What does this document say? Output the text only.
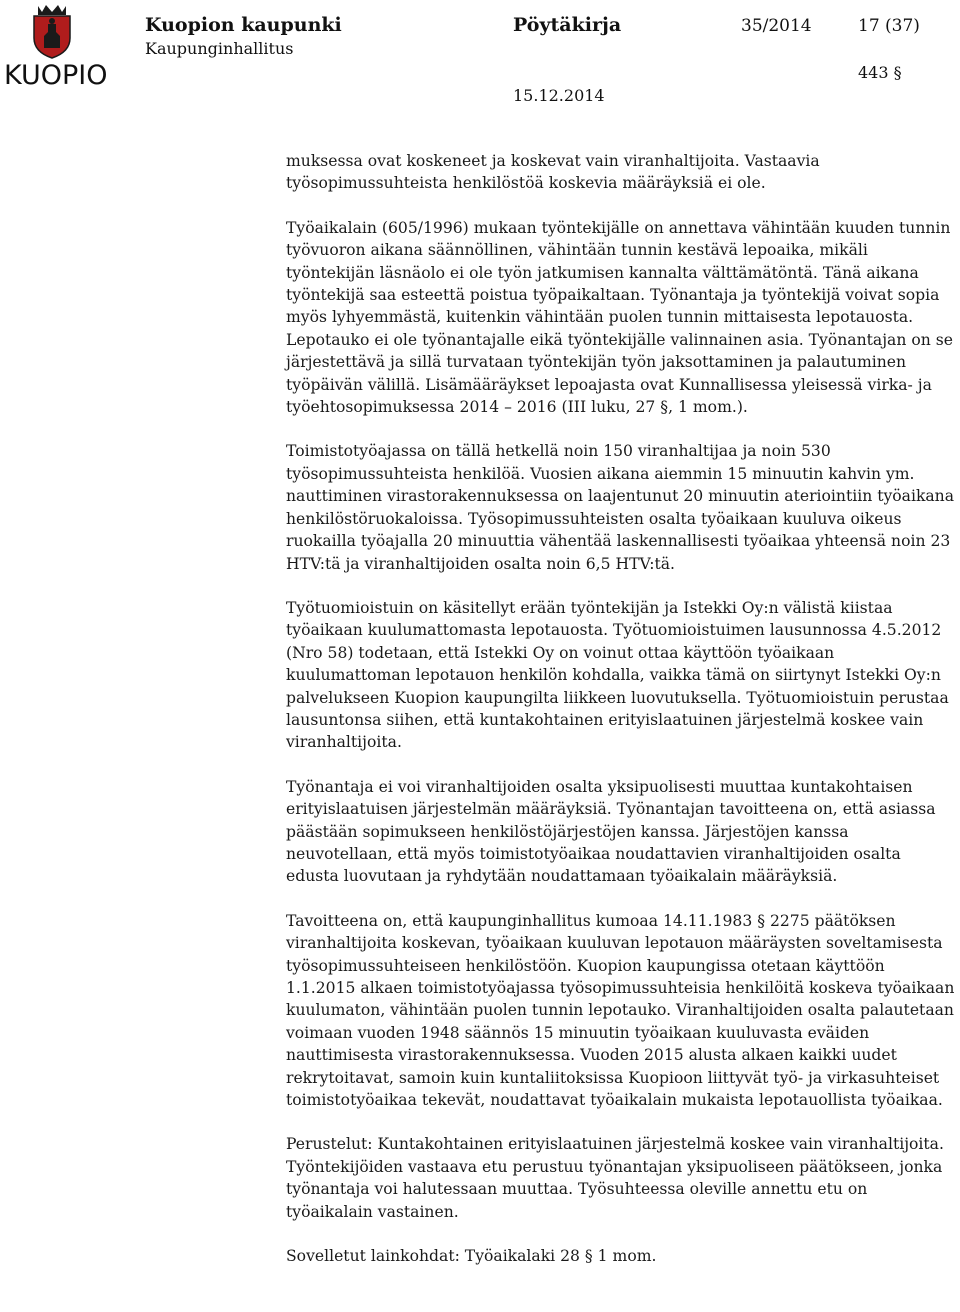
KUOPIO
Kuopion kaupunki
Kaupunginhallitus
Pöytäkirja	35/2014	17 (37)
443 §
15.12.2014

muksessa ovat koskeneet ja koskevat vain viranhaltijoita. Vastaavia työsopimussuhteista henkilöstöä koskevia määräyksiä ei ole.

Työaikalain (605/1996) mukaan työntekijälle on annettava vähintään kuuden tunnin työvuoron aikana säännöllinen, vähintään tunnin kestävä lepoaika, mikäli työntekijän läsnäolo ei ole työn jatkumisen kannalta välttämätöntä. Tänä aikana työntekijä saa esteettä poistua työpaikaltaan. Työnantaja ja työntekijä voivat sopia myös lyhyemmästä, kuitenkin vähintään puolen tunnin mittaisesta lepotauosta. Lepotauko ei ole työnantajalle eikä työntekijälle valinnainen asia. Työnantajan on se järjestettävä ja sillä turvataan työntekijän työn jaksottaminen ja palautuminen työpäivän välillä. Lisämääräykset lepoajasta ovat Kunnallisessa yleisessä virka- ja työehtosopimuksessa 2014 – 2016 (III luku, 27 §, 1 mom.).

Toimistotyöajassa on tällä hetkellä noin 150 viranhaltijaa ja noin 530 työsopimussuhteista henkilöä. Vuosien aikana aiemmin 15 minuutin kahvin ym. nauttiminen virastorakennuksessa on laajentunut 20 minuutin ateriointiin työaikana henkilöstöruokaloissa. Työsopimussuhteisten osalta työaikaan kuuluva oikeus ruokailla työajalla 20 minuuttia vähentää laskennallisesti työaikaa yhteensä noin 23 HTV:tä ja viranhaltijoiden osalta noin 6,5 HTV:tä.

Työtuomioistuin on käsitellyt erään työntekijän ja Istekki Oy:n välistä kiistaa työaikaan kuulumattomasta lepotauosta. Työtuomioistuimen lausunnossa 4.5.2012 (Nro 58) todetaan, että Istekki Oy on voinut ottaa käyttöön työaikaan kuulumattoman lepotauon henkilön kohdalla, vaikka tämä on siirtynyt Istekki Oy:n palvelukseen Kuopion kaupungilta liikkeen luovutuksella. Työtuomioistuin perustaa lausuntonsa siihen, että kuntakohtainen erityislaatuinen järjestelmä koskee vain viranhaltijoita.

Työnantaja ei voi viranhaltijoiden osalta yksipuolisesti muuttaa kuntakohtaisen erityislaatuisen järjestelmän määräyksiä. Työnantajan tavoitteena on, että asiassa päästään sopimukseen henkilöstöjärjestöjen kanssa. Järjestöjen kanssa neuvotellaan, että myös toimistotyöaikaa noudattavien viranhaltijoiden osalta edusta luovutaan ja ryhdytään noudattamaan työaikalain määräyksiä.

Tavoitteena on, että kaupunginhallitus kumoaa 14.11.1983 § 2275 päätöksen viranhaltijoita koskevan, työaikaan kuuluvan lepotauon määräysten soveltamisesta työsopimussuhteiseen henkilöstöön. Kuopion kaupungissa otetaan käyttöön 1.1.2015 alkaen toimistotyöajassa työsopimussuhteisia henkilöitä koskeva työaikaan kuulumaton, vähintään puolen tunnin lepotauko. Viranhaltijoiden osalta palautetaan voimaan vuoden 1948 säännös 15 minuutin työaikaan kuuluvasta eväiden nauttimisesta virastorakennuksessa. Vuoden 2015 alusta alkaen kaikki uudet rekrytoitavat, samoin kuin kuntaliitoksissa Kuopioon liittyvät työ- ja virkasuhteiset toimistotyöaikaa tekevät, noudattavat työaikalain mukaista lepotauollista työaikaa.

Perustelut: Kuntakohtainen erityislaatuinen järjestelmä koskee vain viranhaltijoita. Työntekijöiden vastaava etu perustuu työnantajan yksipuoliseen päätökseen, jonka työnantaja voi halutessaan muuttaa. Työsuhteessa oleville annettu etu on työaikalain vastainen.

Sovelletut lainkohdat: Työaikalaki 28 § 1 mom.
